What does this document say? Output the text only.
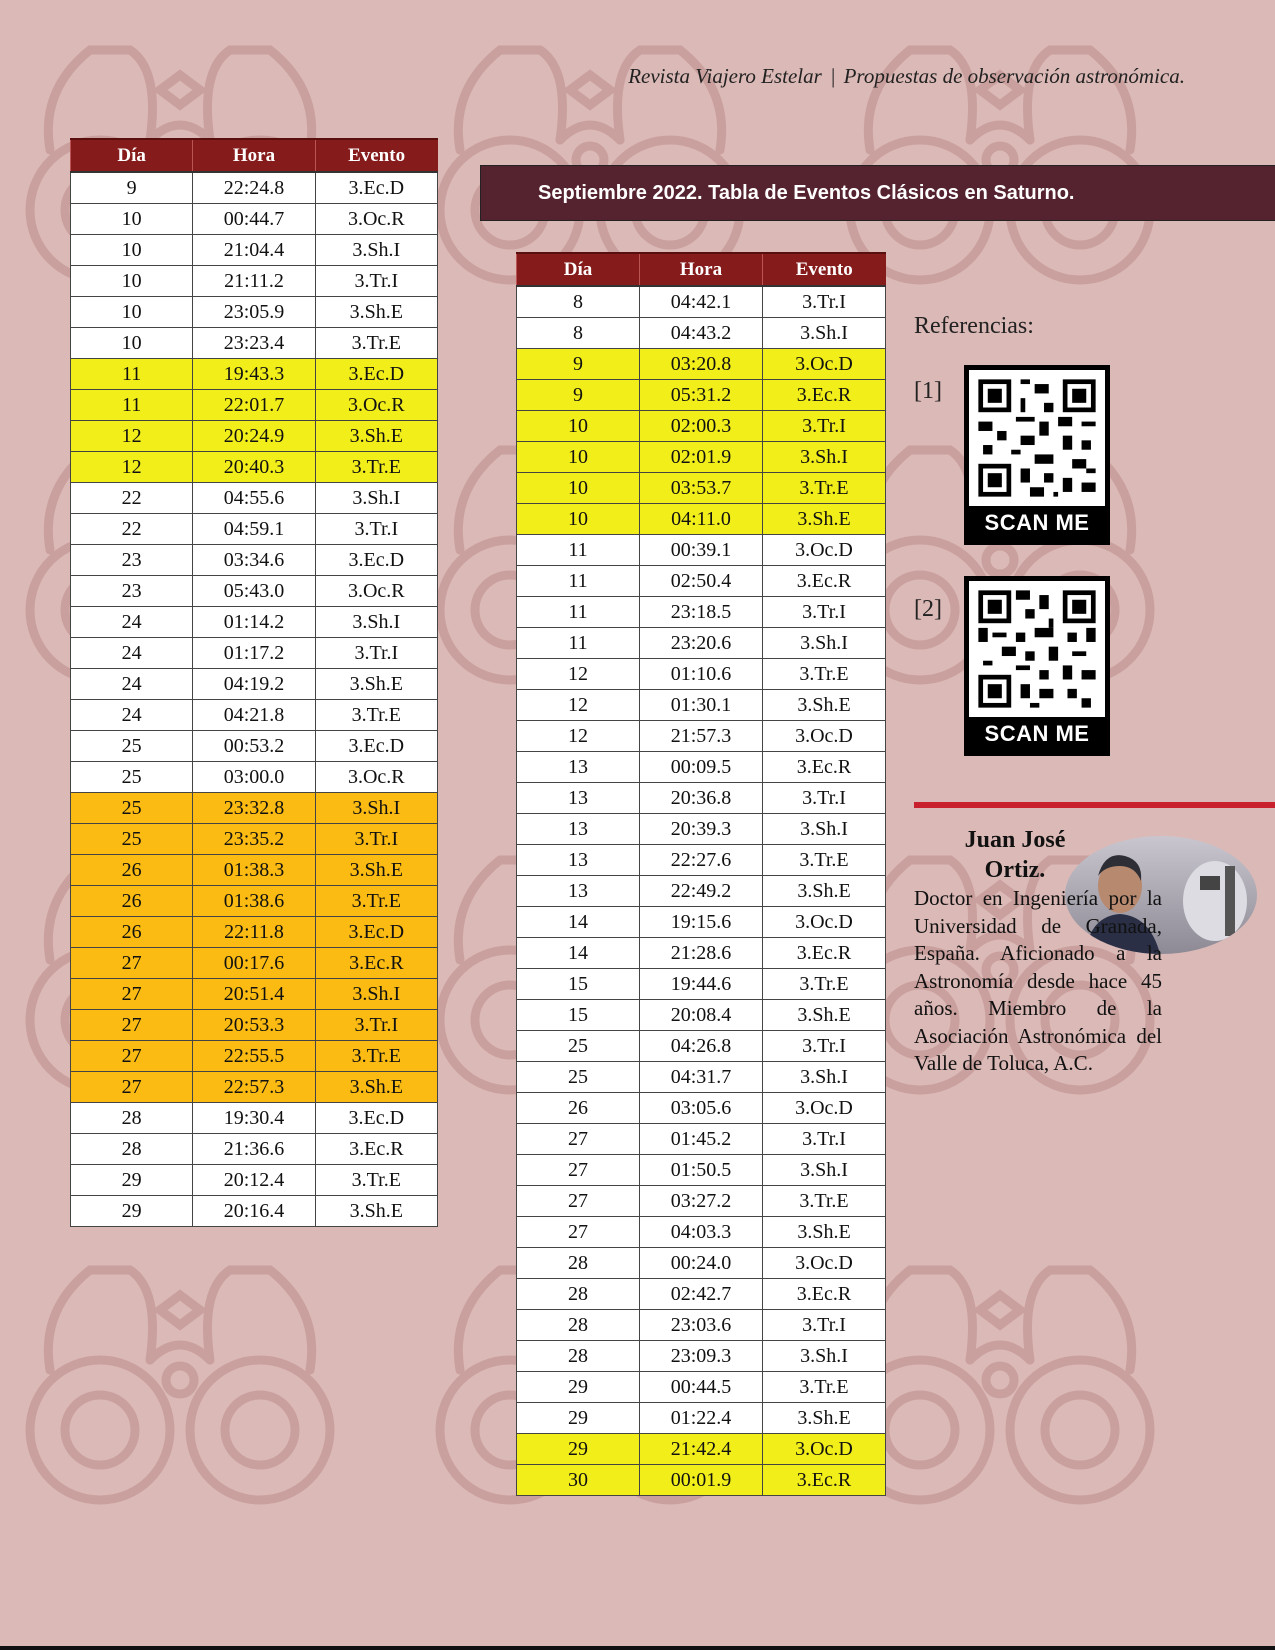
Revista Viajero Estelar | Propuestas de observación astronómica.
Día	Hora	Evento
9	22:24.8	3.Ec.D
10	00:44.7	3.Oc.R
10	21:04.4	3.Sh.I
10	21:11.2	3.Tr.I
10	23:05.9	3.Sh.E
10	23:23.4	3.Tr.E
11	19:43.3	3.Ec.D
11	22:01.7	3.Oc.R
12	20:24.9	3.Sh.E
12	20:40.3	3.Tr.E
22	04:55.6	3.Sh.I
22	04:59.1	3.Tr.I
23	03:34.6	3.Ec.D
23	05:43.0	3.Oc.R
24	01:14.2	3.Sh.I
24	01:17.2	3.Tr.I
24	04:19.2	3.Sh.E
24	04:21.8	3.Tr.E
25	00:53.2	3.Ec.D
25	03:00.0	3.Oc.R
25	23:32.8	3.Sh.I
25	23:35.2	3.Tr.I
26	01:38.3	3.Sh.E
26	01:38.6	3.Tr.E
26	22:11.8	3.Ec.D
27	00:17.6	3.Ec.R
27	20:51.4	3.Sh.I
27	20:53.3	3.Tr.I
27	22:55.5	3.Tr.E
27	22:57.3	3.Sh.E
28	19:30.4	3.Ec.D
28	21:36.6	3.Ec.R
29	20:12.4	3.Tr.E
29	20:16.4	3.Sh.E
Septiembre 2022. Tabla de Eventos Clásicos en Saturno.
Día	Hora	Evento
8	04:42.1	3.Tr.I
8	04:43.2	3.Sh.I
9	03:20.8	3.Oc.D
9	05:31.2	3.Ec.R
10	02:00.3	3.Tr.I
10	02:01.9	3.Sh.I
10	03:53.7	3.Tr.E
10	04:11.0	3.Sh.E
11	00:39.1	3.Oc.D
11	02:50.4	3.Ec.R
11	23:18.5	3.Tr.I
11	23:20.6	3.Sh.I
12	01:10.6	3.Tr.E
12	01:30.1	3.Sh.E
12	21:57.3	3.Oc.D
13	00:09.5	3.Ec.R
13	20:36.8	3.Tr.I
13	20:39.3	3.Sh.I
13	22:27.6	3.Tr.E
13	22:49.2	3.Sh.E
14	19:15.6	3.Oc.D
14	21:28.6	3.Ec.R
15	19:44.6	3.Tr.E
15	20:08.4	3.Sh.E
25	04:26.8	3.Tr.I
25	04:31.7	3.Sh.I
26	03:05.6	3.Oc.D
27	01:45.2	3.Tr.I
27	01:50.5	3.Sh.I
27	03:27.2	3.Tr.E
27	04:03.3	3.Sh.E
28	00:24.0	3.Oc.D
28	02:42.7	3.Ec.R
28	23:03.6	3.Tr.I
28	23:09.3	3.Sh.I
29	00:44.5	3.Tr.E
29	01:22.4	3.Sh.E
29	21:42.4	3.Oc.D
30	00:01.9	3.Ec.R
Referencias:
[1]
SCAN ME
[2]
SCAN ME
Juan José Ortiz.
Doctor en Ingeniería por la Universidad de Granada, España. Aficionado a la Astronomía desde hace 45 años. Miembro de la Asociación Astronómica del Valle de Toluca, A.C.
